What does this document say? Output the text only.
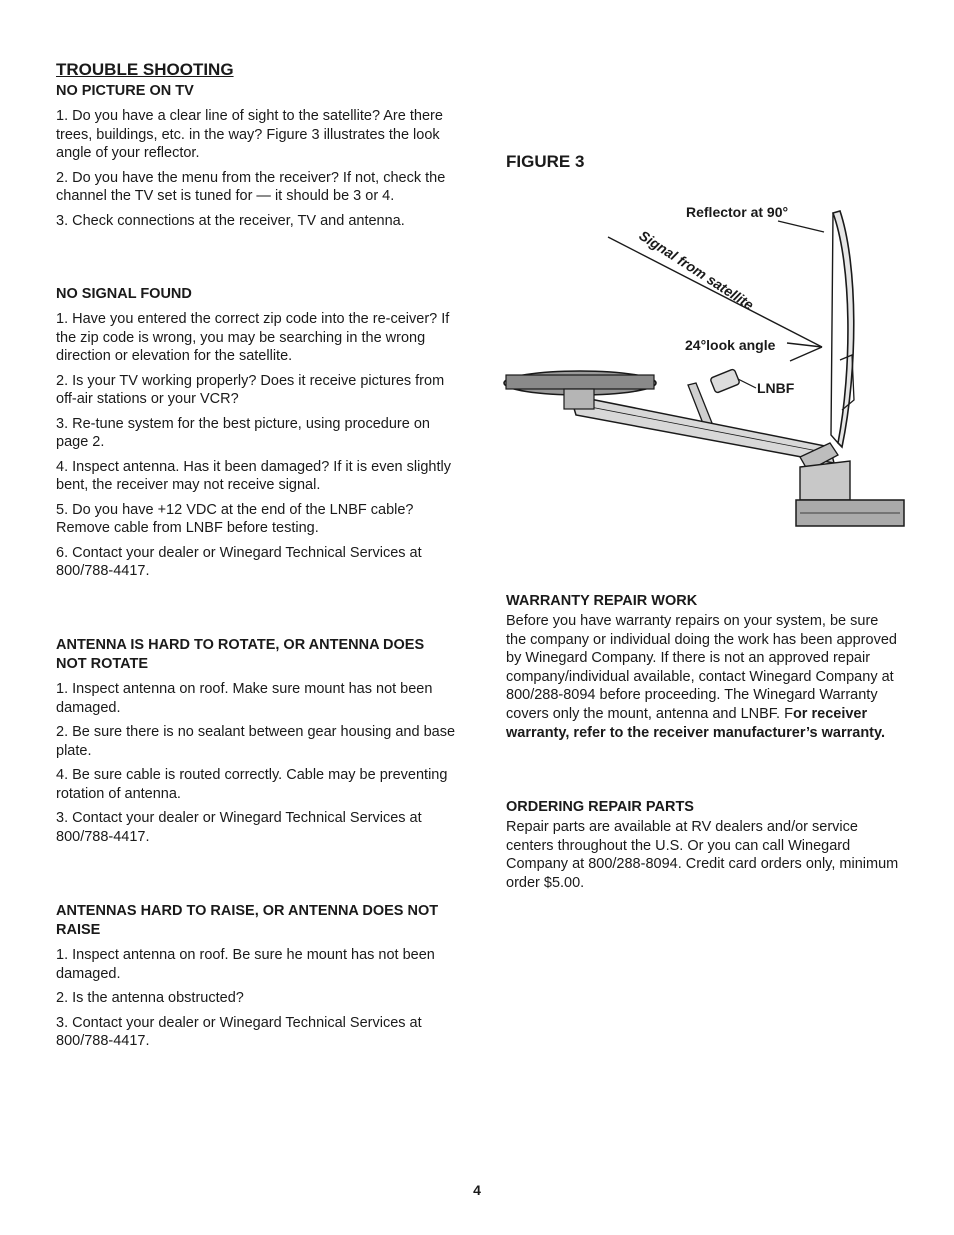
TROUBLE SHOOTING
NO PICTURE ON TV

1. Do you have a clear line of sight to the satellite? Are there trees, buildings, etc. in the way? Figure 3 illustrates the look angle of your reflector.

2. Do you have the menu from the receiver? If not, check the channel the TV set is tuned for — it should be 3 or 4.

3. Check connections at the receiver, TV and antenna.

NO SIGNAL FOUND

1. Have you entered the correct zip code into the re-ceiver? If the zip code is wrong, you may be searching in the wrong direction or elevation for the satellite.

2. Is your TV working properly? Does it receive pictures from off-air stations or your VCR?

3. Re-tune system for the best picture, using procedure on page 2.

4. Inspect antenna. Has it been damaged? If it is even slightly bent, the receiver may not receive signal.

5. Do you have +12 VDC at the end of the LNBF cable? Remove cable from LNBF before testing.

6. Contact your dealer or Winegard Technical Services at 800/788-4417.

ANTENNA IS HARD TO ROTATE, OR ANTENNA DOES NOT ROTATE

1. Inspect antenna on roof. Make sure mount has not been damaged.

2. Be sure there is no sealant between gear housing and base plate.

4. Be sure cable is routed correctly. Cable may be preventing rotation of antenna.

3. Contact your dealer or Winegard Technical Services at 800/788-4417.

ANTENNAS HARD TO RAISE, OR ANTENNA DOES NOT RAISE

1. Inspect antenna on roof. Be sure he mount has not been damaged.

2. Is the antenna obstructed?

3. Contact your dealer or Winegard Technical Services at 800/788-4417.

FIGURE 3
Reflector at 90°
Signal from satellite
24°look angle
LNBF
WARRANTY REPAIR WORK

Before you have warranty repairs on your system, be sure the company or individual doing the work has been approved by Winegard Company. If there is not an approved repair company/individual available, contact Winegard Company at 800/288-8094 before proceeding. The Winegard Warranty covers only the mount, antenna and LNBF. For receiver warranty, refer to the receiver manufacturer’s warranty.

ORDERING REPAIR PARTS

Repair parts are available at RV dealers and/or service centers throughout the U.S. Or you can call Winegard Company at 800/288-8094. Credit card orders only, minimum order $5.00.

4
